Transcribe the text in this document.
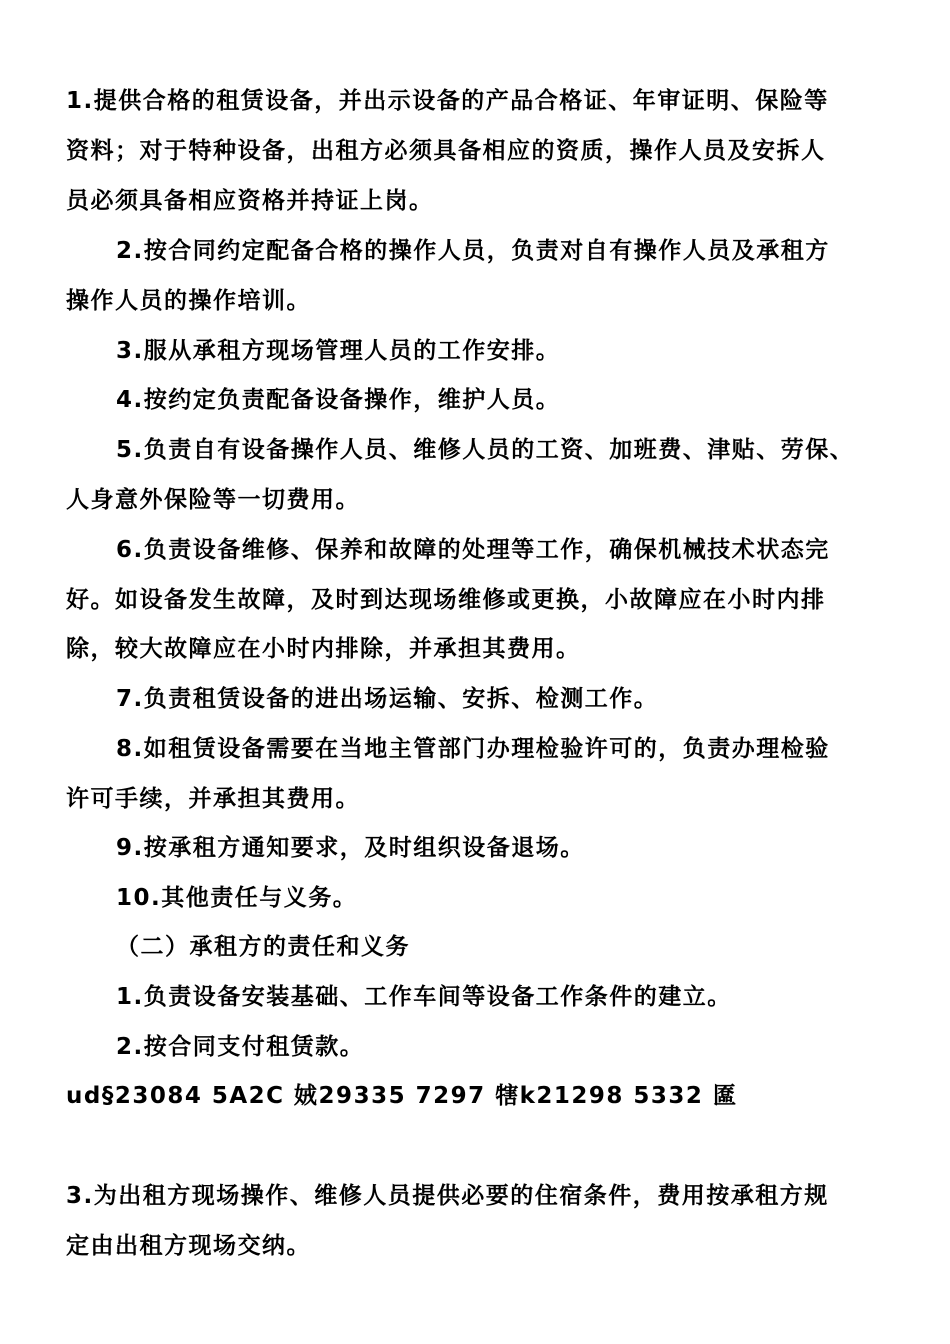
1.提供合格的租赁设备，并出示设备的产品合格证、年审证明、保险等
资料；对于特种设备，出租方必须具备相应的资质，操作人员及安拆人
员必须具备相应资格并持证上岗。
2.按合同约定配备合格的操作人员，负责对自有操作人员及承租方
操作人员的操作培训。
3.服从承租方现场管理人员的工作安排。
4.按约定负责配备设备操作，维护人员。
5.负责自有设备操作人员、维修人员的工资、加班费、津贴、劳保、
人身意外保险等一切费用。
6.负责设备维修、保养和故障的处理等工作，确保机械技术状态完
好。如设备发生故障，及时到达现场维修或更换，小故障应在小时内排
除，较大故障应在小时内排除，并承担其费用。
7.负责租赁设备的进出场运输、安拆、检测工作。
8.如租赁设备需要在当地主管部门办理检验许可的，负责办理检验
许可手续，并承担其费用。
9.按承租方通知要求，及时组织设备退场。
10.其他责任与义务。
（二）承租方的责任和义务
1.负责设备安装基础、工作车间等设备工作条件的建立。
2.按合同支付租赁款。
ud§23084 5A2C 娀29335 7297 犗k21298 5332 匲
3.为出租方现场操作、维修人员提供必要的住宿条件，费用按承租方规
定由出租方现场交纳。
